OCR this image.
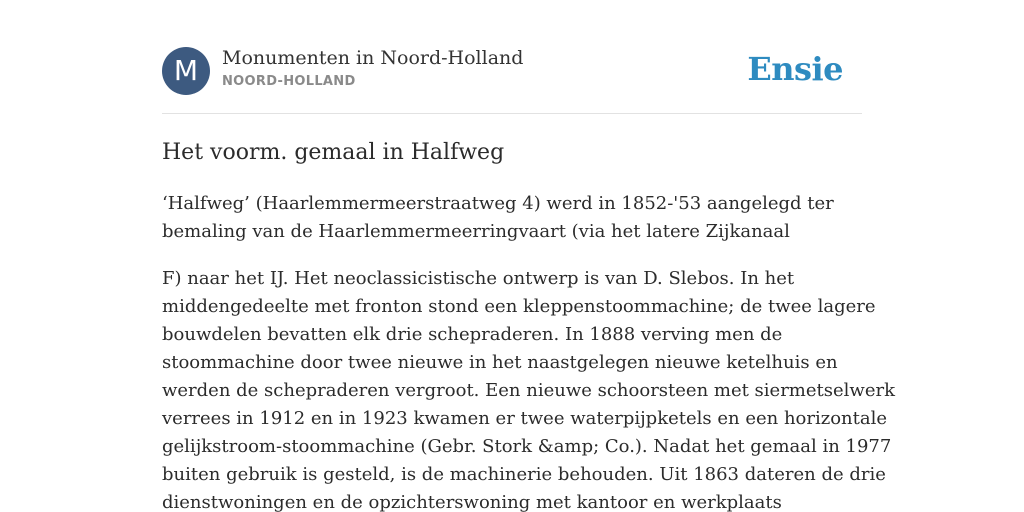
M	Monumenten in Noord-Holland
NOORD-HOLLAND	Ensie
Het voorm. gemaal in Halfweg

‘Halfweg’ (Haarlemmermeerstraatweg 4) werd in 1852-'53 aangelegd ter
bemaling van de Haarlemmermeerringvaart (via het latere Zijkanaal

F) naar het IJ. Het neoclassicistische ontwerp is van D. Slebos. In het
middengedeelte met fronton stond een kleppenstoommachine; de twee lagere
bouwdelen bevatten elk drie schepraderen. In 1888 verving men de
stoommachine door twee nieuwe in het naastgelegen nieuwe ketelhuis en
werden de schepraderen vergroot. Een nieuwe schoorsteen met siermetselwerk
verrees in 1912 en in 1923 kwamen er twee waterpijpketels en een horizontale
gelijkstroom-stoommachine (Gebr. Stork &amp; Co.). Nadat het gemaal in 1977
buiten gebruik is gesteld, is de machinerie behouden. Uit 1863 dateren de drie
dienstwoningen en de opzichterswoning met kantoor en werkplaats
